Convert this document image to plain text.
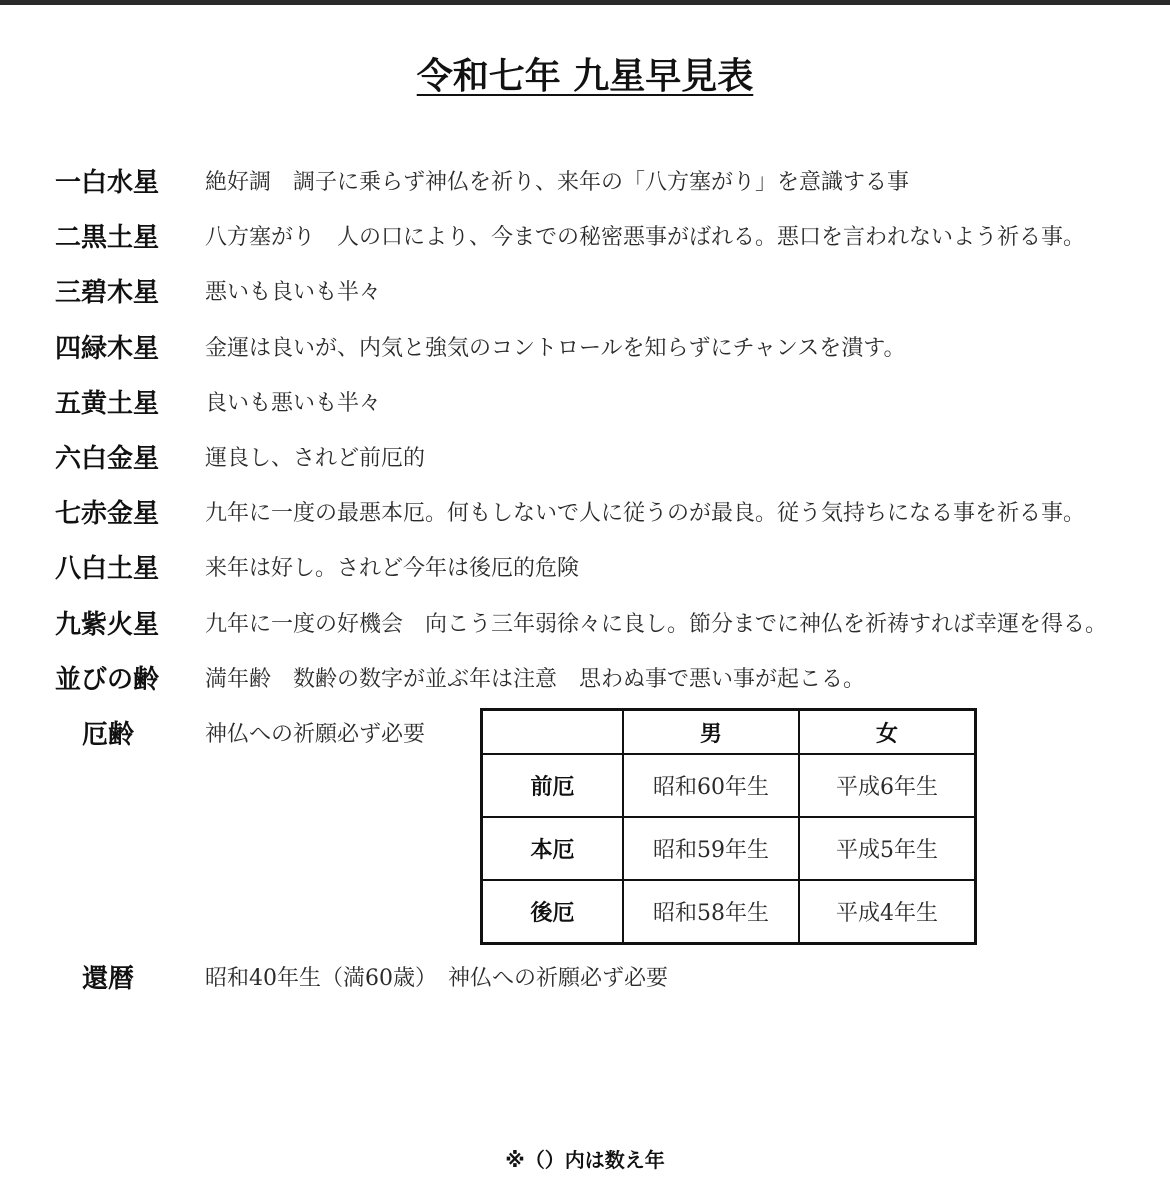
令和七年 九星早見表
一白水星	絶好調　調子に乗らず神仏を祈り、来年の「八方塞がり」を意識する事
二黒土星	八方塞がり　人の口により、今までの秘密悪事がばれる。悪口を言われないよう祈る事。
三碧木星	悪いも良いも半々
四緑木星	金運は良いが、内気と強気のコントロールを知らずにチャンスを潰す。
五黄土星	良いも悪いも半々
六白金星	運良し、されど前厄的
七赤金星	九年に一度の最悪本厄。何もしないで人に従うのが最良。従う気持ちになる事を祈る事。
八白土星	来年は好し。されど今年は後厄的危険
九紫火星	九年に一度の好機会　向こう三年弱徐々に良し。節分までに神仏を祈祷すれば幸運を得る。
並びの齢	満年齢　数齢の数字が並ぶ年は注意　思わぬ事で悪い事が起こる。
厄齢	神仏への祈願必ず必要
		男	女
前厄	昭和60年生	平成6年生
本厄	昭和59年生	平成5年生
後厄	昭和58年生	平成4年生
還暦	昭和40年生（満60歳）　神仏への祈願必ず必要
※（）内は数え年
